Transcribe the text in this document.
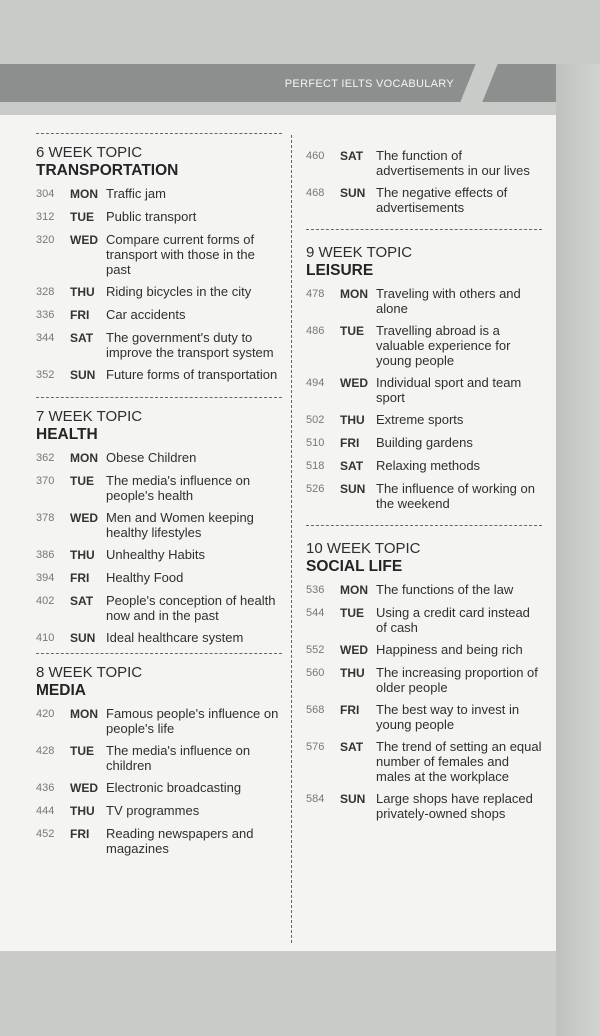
PERFECT IELTS VOCABULARY
6 WEEK TOPIC
TRANSPORTATION
304	MON Traffic jam
312	TUE Public transport
320	WED Compare current forms of transport with those in the past
328	THU Riding bicycles in the city
336	FRI	Car accidents
344	SAT The government's duty to improve the transport system
352	SUN Future forms of transportation
7 WEEK TOPIC
HEALTH
362	MON Obese Children
370	TUE The media's influence on people's health
378	WED Men and Women keeping healthy lifestyles
386	THU Unhealthy Habits
394	FRI	Healthy Food
402	SAT People's conception of health now and in the past
410	SUN Ideal healthcare system
8 WEEK TOPIC
MEDIA
420	MON Famous people's influence on people's life
428	TUE The media's influence on children
436	WED Electronic broadcasting
444	THU TV programmes
452	FRI	Reading newspapers and magazines
460	SAT The function of advertisements in our lives
468	SUN The negative effects of advertisements
9 WEEK TOPIC
LEISURE
478	MON Traveling with others and alone
486	TUE Travelling abroad is a valuable experience for young people
494	WED Individual sport and team sport
502	THU Extreme sports
510	FRI	Building gardens
518	SAT Relaxing methods
526	SUN The influence of working on the weekend
10 WEEK TOPIC
SOCIAL LIFE
536	MON The functions of the law
544	TUE Using a credit card instead of cash
552	WED Happiness and being rich
560	THU The increasing proportion of older people
568	FRI	The best way to invest in young people
576	SAT The trend of setting an equal number of females and males at the workplace
584	SUN Large shops have replaced privately-owned shops
